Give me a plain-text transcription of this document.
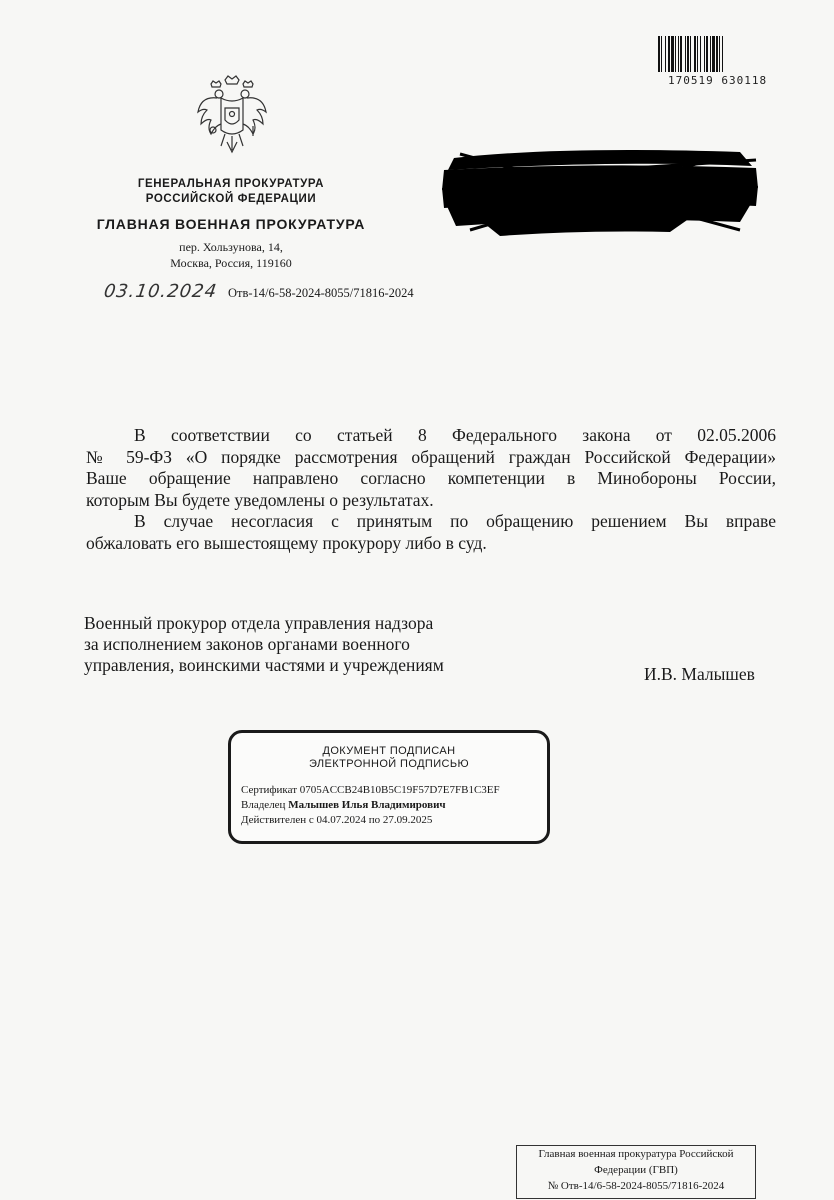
170519 630118
ГЕНЕРАЛЬНАЯ ПРОКУРАТУРА
РОССИЙСКОЙ ФЕДЕРАЦИИ
ГЛАВНАЯ ВОЕННАЯ ПРОКУРАТУРА
пер. Хользунова, 14,
Москва, Россия, 119160
03.10.2024 Отв-14/6-58-2024-8055/71816-2024

В соответствии со статьей 8 Федерального закона от 02.05.2006

№ 59-ФЗ «О порядке рассмотрения обращений граждан Российской Федерации»

Ваше обращение направлено согласно компетенции в Минобороны России,

которым Вы будете уведомлены о результатах.

В случае несогласия с принятым по обращению решением Вы вправе

обжаловать его вышестоящему прокурору либо в суд.

Военный прокурор отдела управления надзора
за исполнением законов органами военного
управления, воинскими частями и учреждениям	И.В. Малышев
ДОКУМЕНТ ПОДПИСАН
ЭЛЕКТРОННОЙ ПОДПИСЬЮ
Сертификат 0705ACCB24B10B5C19F57D7E7FB1C3EF
Владелец Малышев Илья Владимирович
Действителен с 04.07.2024 по 27.09.2025
Главная военная прокуратура Российской
Федерации (ГВП)
№ Отв-14/6-58-2024-8055/71816-2024
